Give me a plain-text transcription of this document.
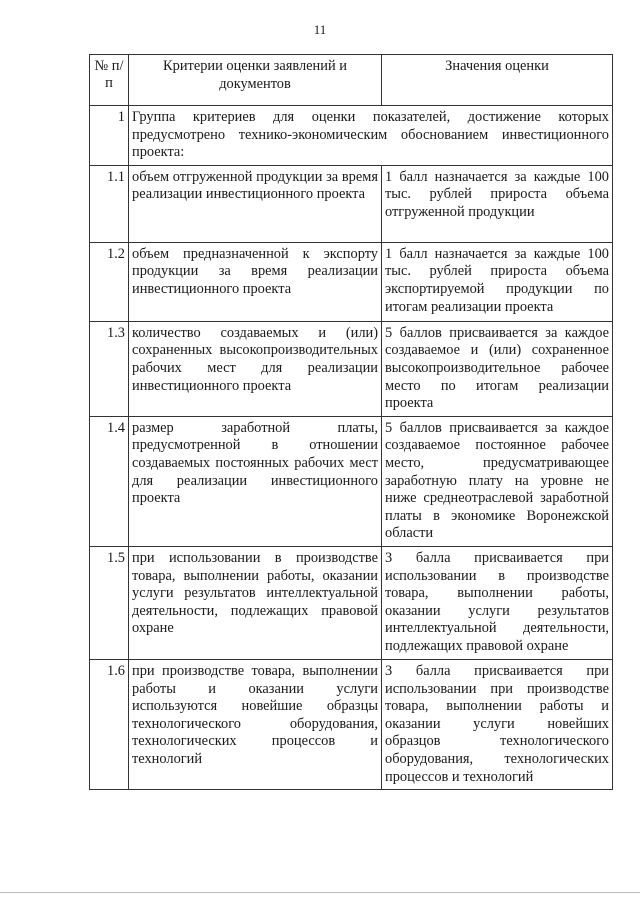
11
№ п/п	Критерии оценки заявлений и документов	Значения оценки
1	Группа критериев для оценки показателей, достижение которых предусмотрено технико-экономическим обоснованием инвестиционного проекта:	
1.1	объем отгруженной продукции за время реализации инвестиционного проекта	1 балл назначается за каждые 100 тыс. рублей прироста объема отгруженной продукции
1.2	объем предназначенной к экспорту продукции за время реализации инвестиционного проекта	1 балл назначается за каждые 100 тыс. рублей прироста объема экспортируемой продукции по итогам реализации проекта
1.3	количество создаваемых и (или) сохраненных высокопроизводительных рабочих мест для реализации инвестиционного проекта	5 баллов присваивается за каждое создаваемое и (или) сохраненное высокопроизводительное рабочее место по итогам реализации проекта
1.4	размер заработной платы, предусмотренной в отношении создаваемых постоянных рабочих мест для реализации инвестиционного проекта	5 баллов присваивается за каждое создаваемое постоянное рабочее место, предусматривающее заработную плату на уровне не ниже среднеотраслевой заработной платы в экономике Воронежской области
1.5	при использовании в производстве товара, выполнении работы, оказании услуги результатов интеллектуальной деятельности, подлежащих правовой охране	3 балла присваивается при использовании в производстве товара, выполнении работы, оказании услуги результатов интеллектуальной деятельности, подлежащих правовой охране
1.6	при производстве товара, выполнении работы и оказании услуги используются новейшие образцы технологического оборудования, технологических процессов и технологий	3 балла присваивается при использовании при производстве товара, выполнении работы и оказании услуги новейших образцов технологического оборудования, технологических процессов и технологий
